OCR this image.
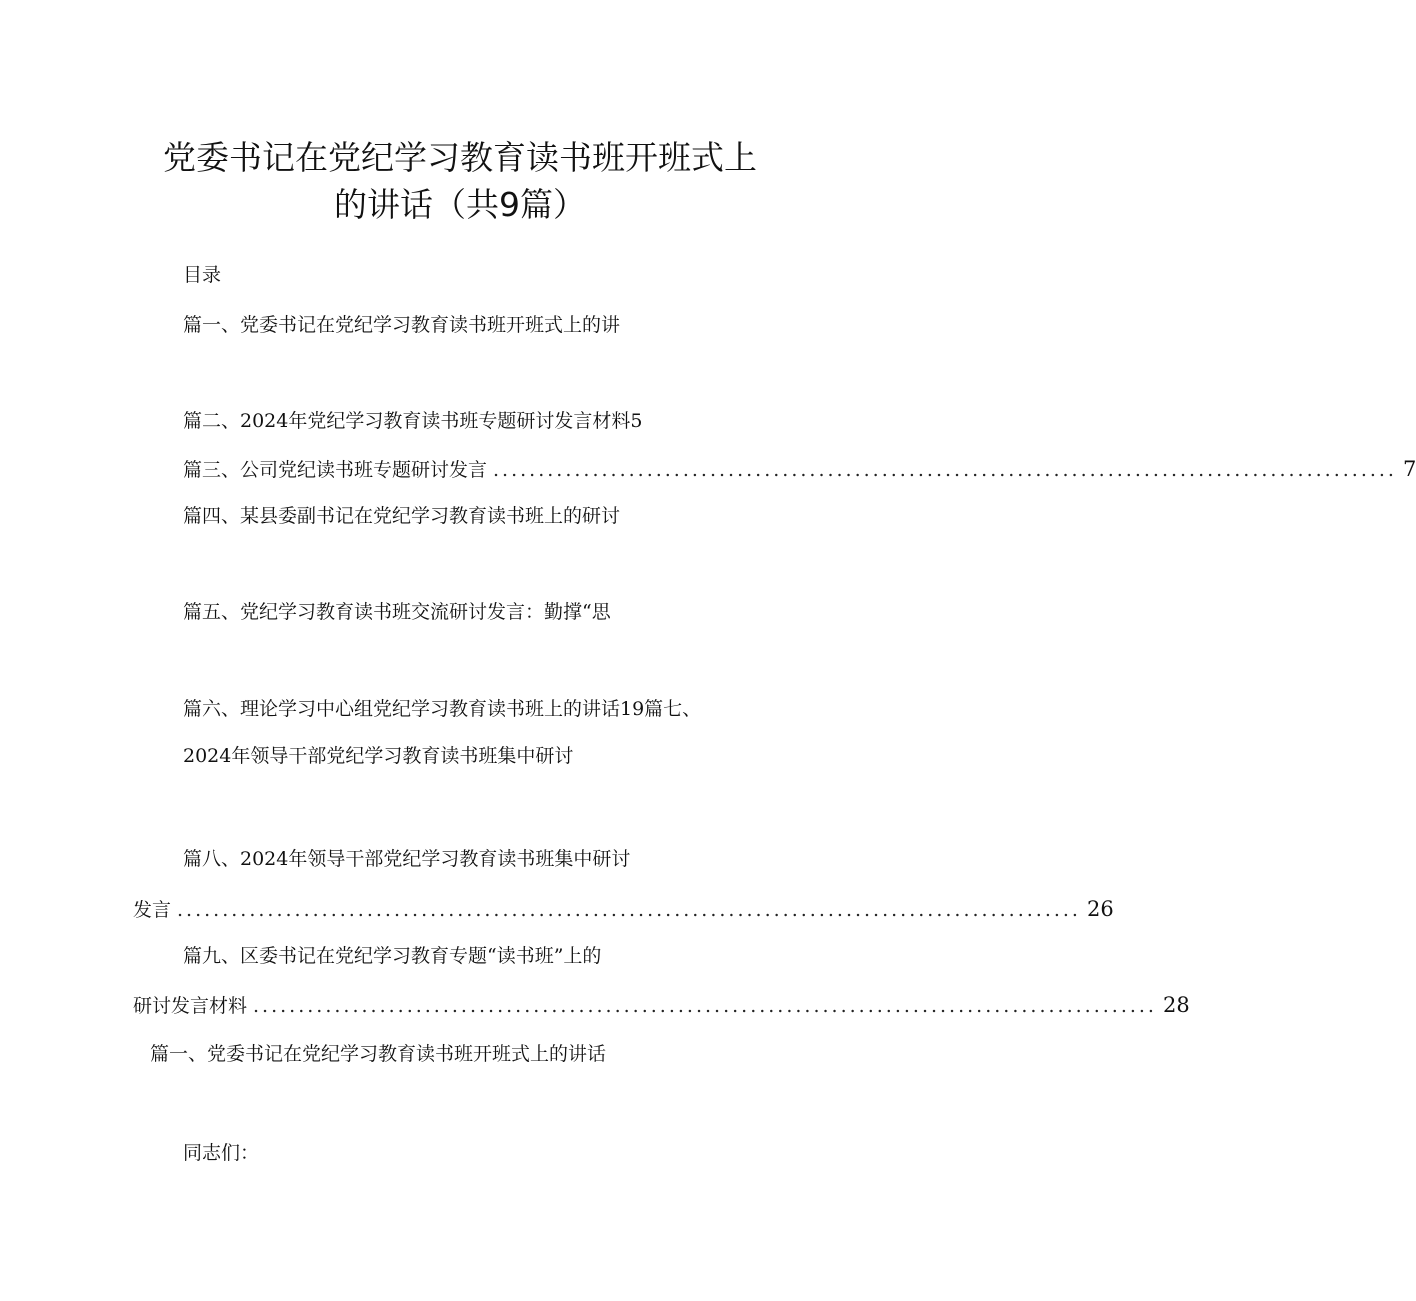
党委书记在党纪学习教育读书班开班式上
的讲话（共9篇）
目录
篇一、党委书记在党纪学习教育读书班开班式上的讲
篇二、2024年党纪学习教育读书班专题研讨发言材料5
篇三、公司党纪读书班专题研讨发言 .................................................................................................... 7
篇四、某县委副书记在党纪学习教育读书班上的研讨
篇五、党纪学习教育读书班交流研讨发言：勤撑“思
篇六、理论学习中心组党纪学习教育读书班上的讲话19篇七、
2024年领导干部党纪学习教育读书班集中研讨
篇八、2024年领导干部党纪学习教育读书班集中研讨
发言 .................................................................................................... 26
篇九、区委书记在党纪学习教育专题“读书班”上的
研讨发言材料 .................................................................................................... 28
篇一、党委书记在党纪学习教育读书班开班式上的讲话
同志们：
